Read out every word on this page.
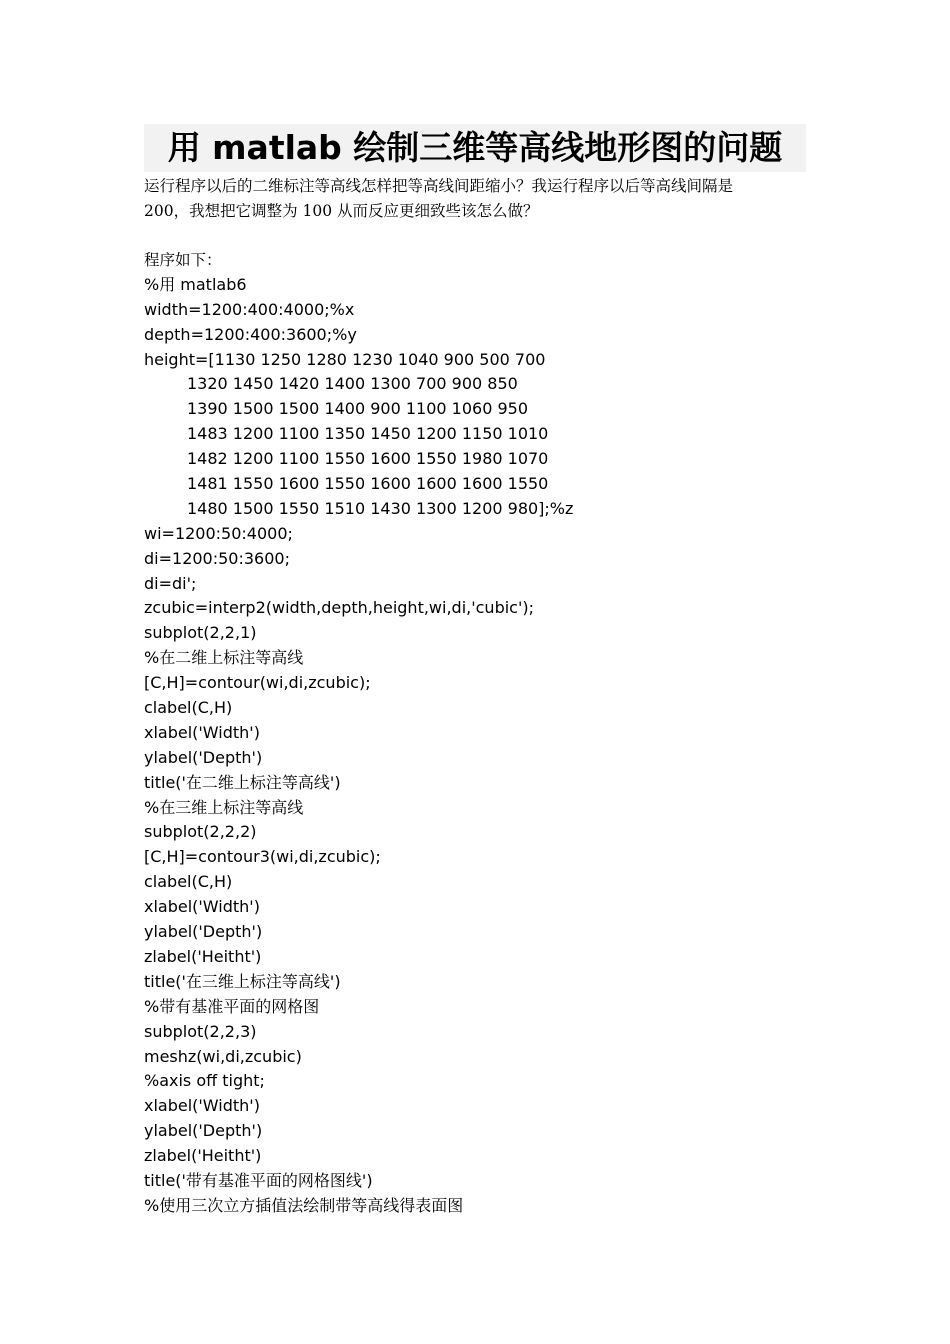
用 matlab 绘制三维等高线地形图的问题
运行程序以后的二维标注等高线怎样把等高线间距缩小？我运行程序以后等高线间隔是
200，我想把它调整为 100 从而反应更细致些该怎么做？
程序如下：
%用 matlab6
width=1200:400:4000;%x
depth=1200:400:3600;%y
height=[1130 1250 1280 1230 1040 900 500 700
1320 1450 1420 1400 1300 700 900 850
1390 1500 1500 1400 900 1100 1060 950
1483 1200 1100 1350 1450 1200 1150 1010
1482 1200 1100 1550 1600 1550 1980 1070
1481 1550 1600 1550 1600 1600 1600 1550
1480 1500 1550 1510 1430 1300 1200 980];%z
wi=1200:50:4000;
di=1200:50:3600;
di=di';
zcubic=interp2(width,depth,height,wi,di,'cubic');
subplot(2,2,1)
%在二维上标注等高线
[C,H]=contour(wi,di,zcubic);
clabel(C,H)
xlabel('Width')
ylabel('Depth')
title('在二维上标注等高线')
%在三维上标注等高线
subplot(2,2,2)
[C,H]=contour3(wi,di,zcubic);
clabel(C,H)
xlabel('Width')
ylabel('Depth')
zlabel('Heitht')
title('在三维上标注等高线')
%带有基准平面的网格图
subplot(2,2,3)
meshz(wi,di,zcubic)
%axis off tight;
xlabel('Width')
ylabel('Depth')
zlabel('Heitht')
title('带有基准平面的网格图线')
%使用三次立方插值法绘制带等高线得表面图
